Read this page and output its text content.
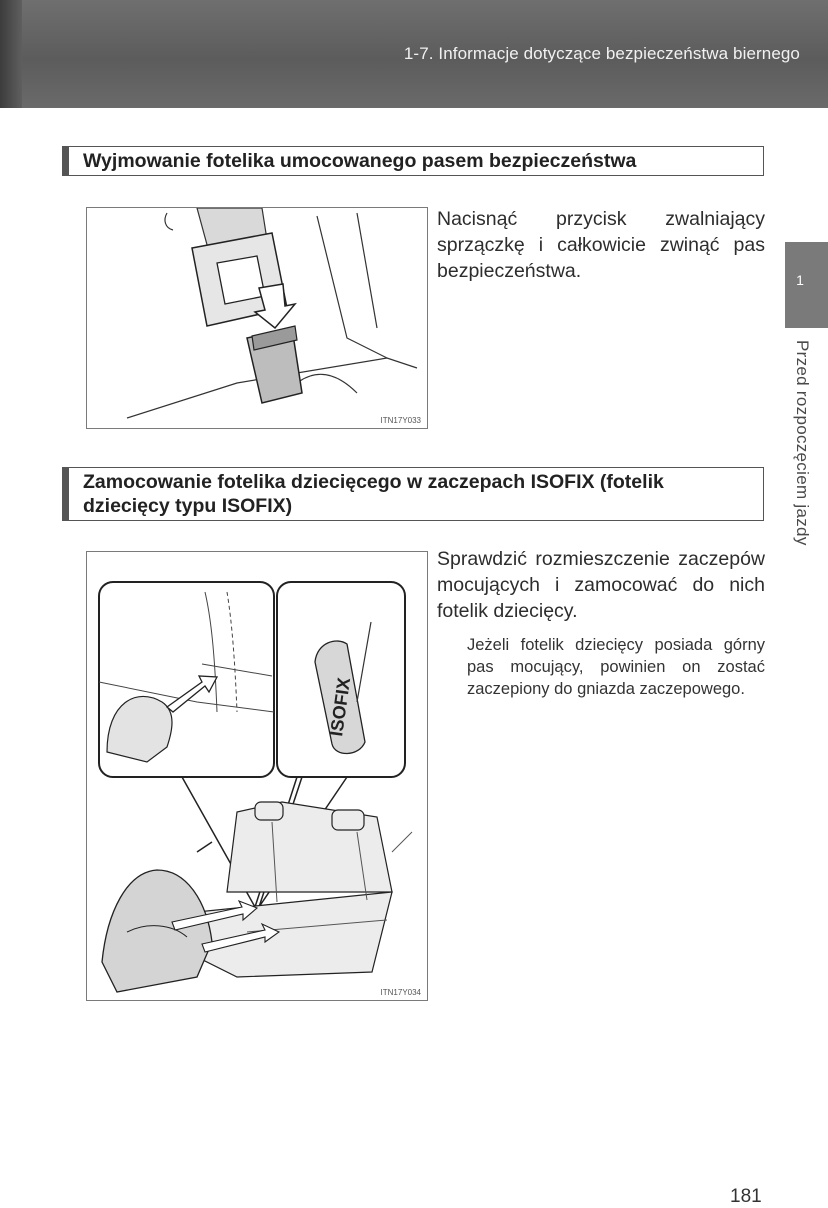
1-7. Informacje dotyczące bezpieczeństwa biernego
Wyjmowanie fotelika umocowanego pasem bezpieczeństwa
ITN17Y033
Nacisnąć przycisk zwalniający sprzączkę i całkowicie zwinąć pas bezpieczeństwa.
Zamocowanie fotelika dziecięcego w zaczepach ISOFIX (fotelik dziecięcy typu ISOFIX)
ISOFIX
ITN17Y034
Sprawdzić rozmieszczenie zaczepów mocujących i zamocować do nich fotelik dziecięcy.
Jeżeli fotelik dziecięcy posiada górny pas mocujący, powinien on zostać zaczepiony do gniazda zaczepowego.
1
Przed rozpoczęciem jazdy
181
